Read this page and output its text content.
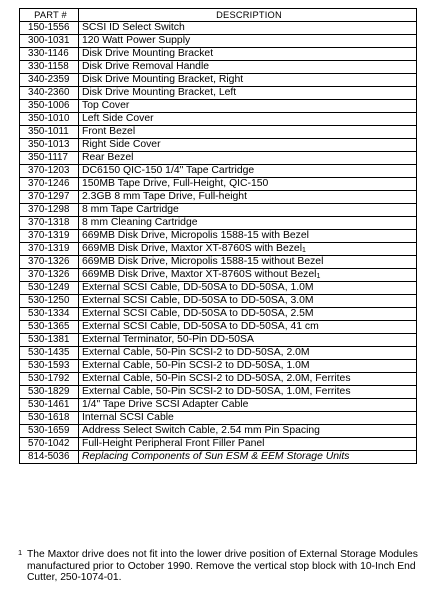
PART #	DESCRIPTION
150-1556	SCSI ID Select Switch
300-1031	120 Watt Power Supply
330-1146	Disk Drive Mounting Bracket
330-1158	Disk Drive Removal Handle
340-2359	Disk Drive Mounting Bracket, Right
340-2360	Disk Drive Mounting Bracket, Left
350-1006	Top Cover
350-1010	Left Side Cover
350-1011	Front Bezel
350-1013	Right Side Cover
350-1117	Rear Bezel
370-1203	DC6150 QIC-150 1/4" Tape Cartridge
370-1246	150MB Tape Drive, Full-Height, QIC-150
370-1297	2.3GB 8 mm Tape Drive, Full-height
370-1298	8 mm Tape Cartridge
370-1318	8 mm Cleaning Cartridge
370-1319	669MB Disk Drive, Micropolis 1588-15 with Bezel
370-1319	669MB Disk Drive, Maxtor XT-8760S with Bezel$^1$
370-1326	669MB Disk Drive, Micropolis 1588-15 without Bezel
370-1326	669MB Disk Drive, Maxtor XT-8760S without Bezel$^1$
530-1249	External SCSI Cable, DD-50SA to DD-50SA, 1.0M
530-1250	External SCSI Cable, DD-50SA to DD-50SA, 3.0M
530-1334	External SCSI Cable, DD-50SA to DD-50SA, 2.5M
530-1365	External SCSI Cable, DD-50SA to DD-50SA, 41 cm
530-1381	External Terminator, 50-Pin DD-50SA
530-1435	External Cable, 50-Pin SCSI-2 to DD-50SA, 2.0M
530-1593	External Cable, 50-Pin SCSI-2 to DD-50SA, 1.0M
530-1792	External Cable, 50-Pin SCSI-2 to DD-50SA, 2.0M, Ferrites
530-1829	External Cable, 50-Pin SCSI-2 to DD-50SA, 1.0M, Ferrites
530-1461	1/4" Tape Drive SCSI Adapter Cable
530-1618	Internal SCSI Cable
530-1659	Address Select Switch Cable, 2.54 mm Pin Spacing
570-1042	Full-Height Peripheral Front Filler Panel
814-5036	Replacing Components of Sun ESM & EEM Storage Units
1 The Maxtor drive does not fit into the lower drive position of External Storage Modules manufactured prior to October 1990. Remove the vertical stop block with 10-Inch End Cutter, 250-1074-01.
